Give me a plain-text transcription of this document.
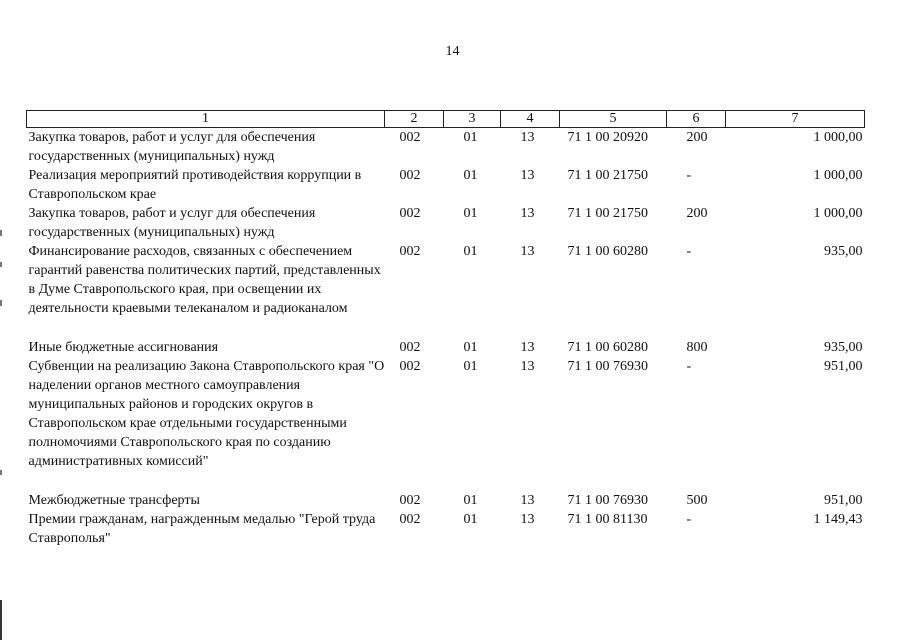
14
1	2	3	4	5	6	7
Закупка товаров, работ и услуг для обеспечения государственных (муниципальных) нужд	002	01	13	71 1 00 20920	200	1 000,00
Реализация мероприятий противодействия коррупции в Ставропольском крае	002	01	13	71 1 00 21750	-	1 000,00
Закупка товаров, работ и услуг для обеспечения государственных (муниципальных) нужд	002	01	13	71 1 00 21750	200	1 000,00
Финансирование расходов, связанных с обеспечением гарантий равенства политических партий, представленных в Думе Ставропольского края, при освещении их деятельности краевыми телеканалом и радиоканалом	002	01	13	71 1 00 60280	-	935,00
Иные бюджетные ассигнования	002	01	13	71 1 00 60280	800	935,00
Субвенции на реализацию Закона Ставропольского края "О наделении органов местного самоуправления муниципальных районов и городских округов в Ставропольском крае отдельными государственными полномочиями Ставропольского края по созданию административных комиссий"	002	01	13	71 1 00 76930	-	951,00
Межбюджетные трансферты	002	01	13	71 1 00 76930	500	951,00
Премии гражданам, награжденным медалью "Герой труда Ставрополья"	002	01	13	71 1 00 81130	-	1 149,43
